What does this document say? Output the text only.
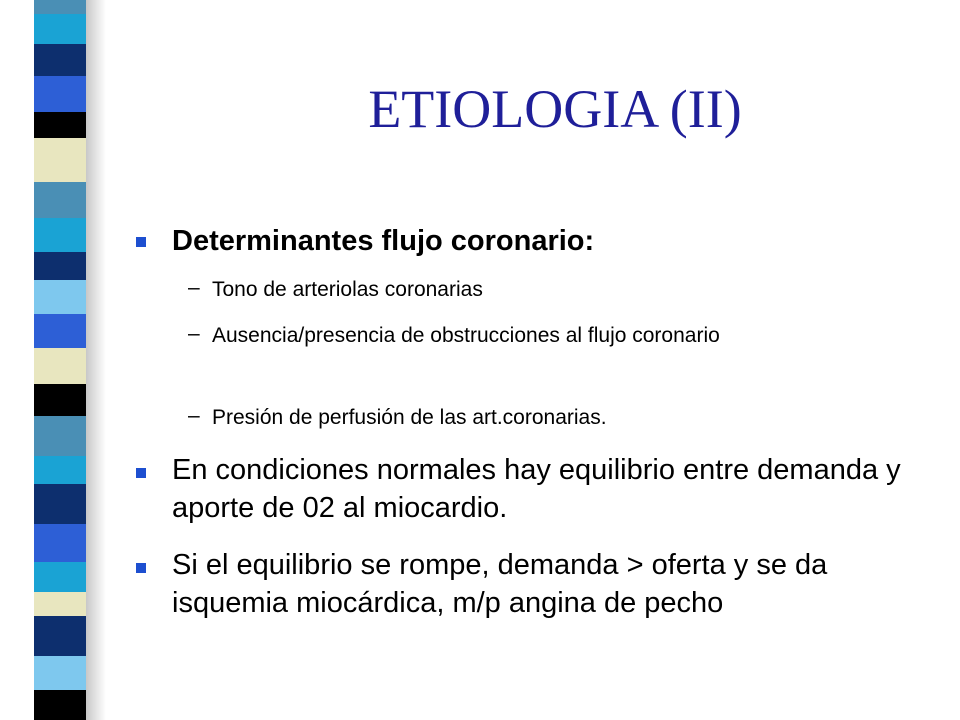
ETIOLOGIA (II)
Determinantes flujo coronario:
– Tono de arteriolas coronarias
– Ausencia/presencia de obstrucciones al flujo coronario
– Presión de perfusión de las art.coronarias.
En condiciones normales hay equilibrio entre demanda y aporte de 02 al miocardio.
Si el equilibrio se rompe, demanda > oferta y se da isquemia miocárdica, m/p angina de pecho
